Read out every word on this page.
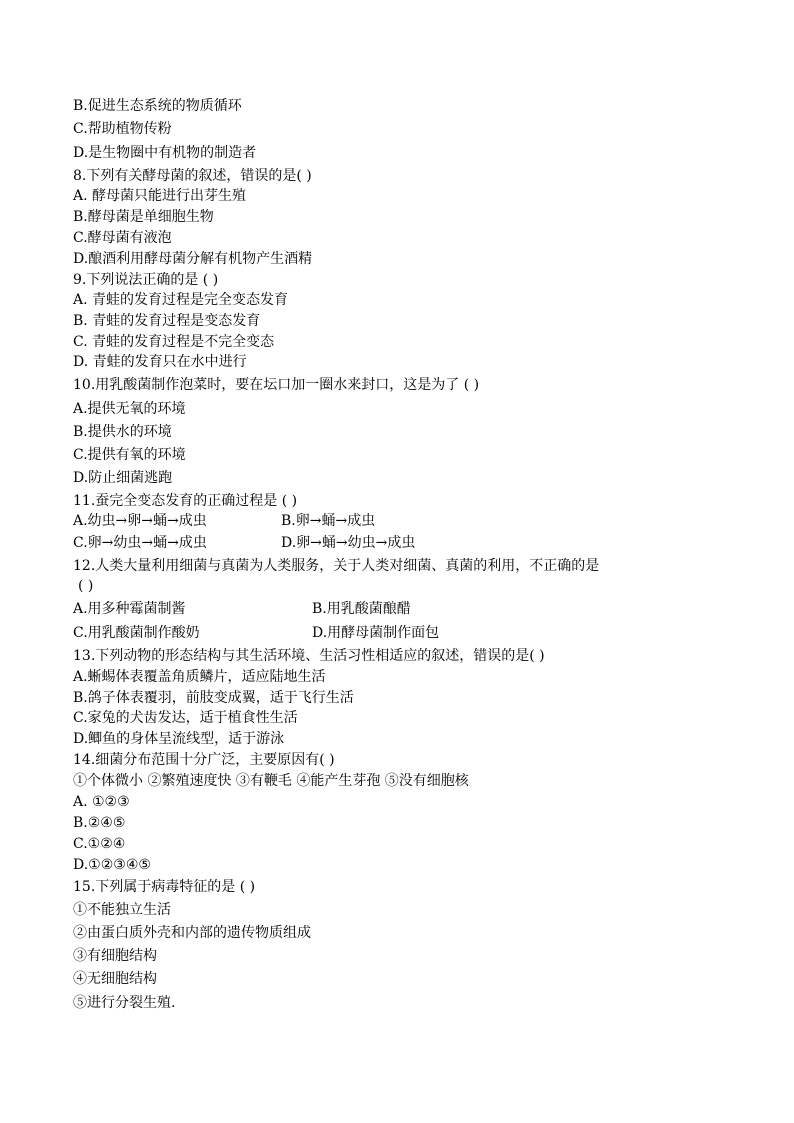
B.促进生态系统的物质循环
C.帮助植物传粉
D.是生物圈中有机物的制造者
8.下列有关酵母菌的叙述，错误的是( )
A. 酵母菌只能进行出芽生殖
B.酵母菌是单细胞生物
C.酵母菌有液泡
D.酿酒利用酵母菌分解有机物产生酒精
9.下列说法正确的是 ( )
A. 青蛙的发育过程是完全变态发育
B. 青蛙的发育过程是变态发育
C. 青蛙的发育过程是不完全变态
D. 青蛙的发育只在水中进行
10.用乳酸菌制作泡菜时，要在坛口加一圈水来封口，这是为了 ( )
A.提供无氧的环境
B.提供水的环境
C.提供有氧的环境
D.防止细菌逃跑
11.蚕完全变态发育的正确过程是 ( )
A.幼虫→卵→蛹→成虫	B.卵→蛹→成虫
C.卵→幼虫→蛹→成虫	D.卵→蛹→幼虫→成虫
12.人类大量利用细菌与真菌为人类服务，关于人类对细菌、真菌的利用，不正确的是
( )
A.用多种霉菌制酱	B.用乳酸菌酿醋
C.用乳酸菌制作酸奶	D.用酵母菌制作面包
13.下列动物的形态结构与其生活环境、生活习性相适应的叙述，错误的是( )
A.蜥蜴体表覆盖角质鳞片，适应陆地生活
B.鸽子体表覆羽，前肢变成翼，适于飞行生活
C.家兔的犬齿发达，适于植食性生活
D.鲫鱼的身体呈流线型，适于游泳
14.细菌分布范围十分广泛，主要原因有( )
①个体微小 ②繁殖速度快 ③有鞭毛 ④能产生芽孢 ⑤没有细胞核
A. ①②③
B.②④⑤
C.①②④
D.①②③④⑤
15.下列属于病毒特征的是 ( )
①不能独立生活
②由蛋白质外壳和内部的遗传物质组成
③有细胞结构
④无细胞结构
⑤进行分裂生殖.
